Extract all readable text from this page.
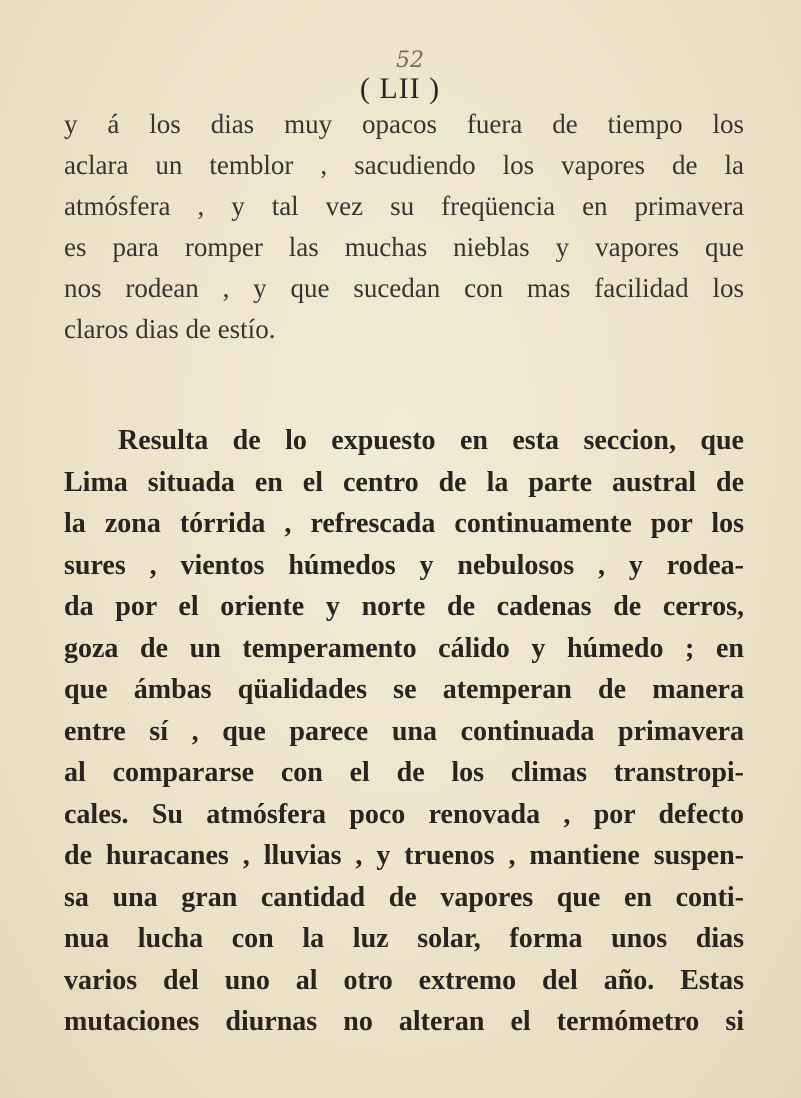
52
( LII )
y á los dias muy opacos fuera de tiempo los
aclara un temblor , sacudiendo los vapores de la
atmósfera , y tal vez su freqüencia en primavera
es para romper las muchas nieblas y vapores que
nos rodean , y que sucedan con mas facilidad los
claros dias de estío.
Resulta de lo expuesto en esta seccion, que
Lima situada en el centro de la parte austral de
la zona tórrida , refrescada continuamente por los
sures , vientos húmedos y nebulosos , y rodea-
da por el oriente y norte de cadenas de cerros,
goza de un temperamento cálido y húmedo ; en
que ámbas qüalidades se atemperan de manera
entre sí , que parece una continuada primavera
al compararse con el de los climas transtropi-
cales. Su atmósfera poco renovada , por defecto
de huracanes , lluvias , y truenos , mantiene suspen-
sa una gran cantidad de vapores que en conti-
nua lucha con la luz solar, forma unos dias
varios del uno al otro extremo del año. Estas
mutaciones diurnas no alteran el termómetro si
